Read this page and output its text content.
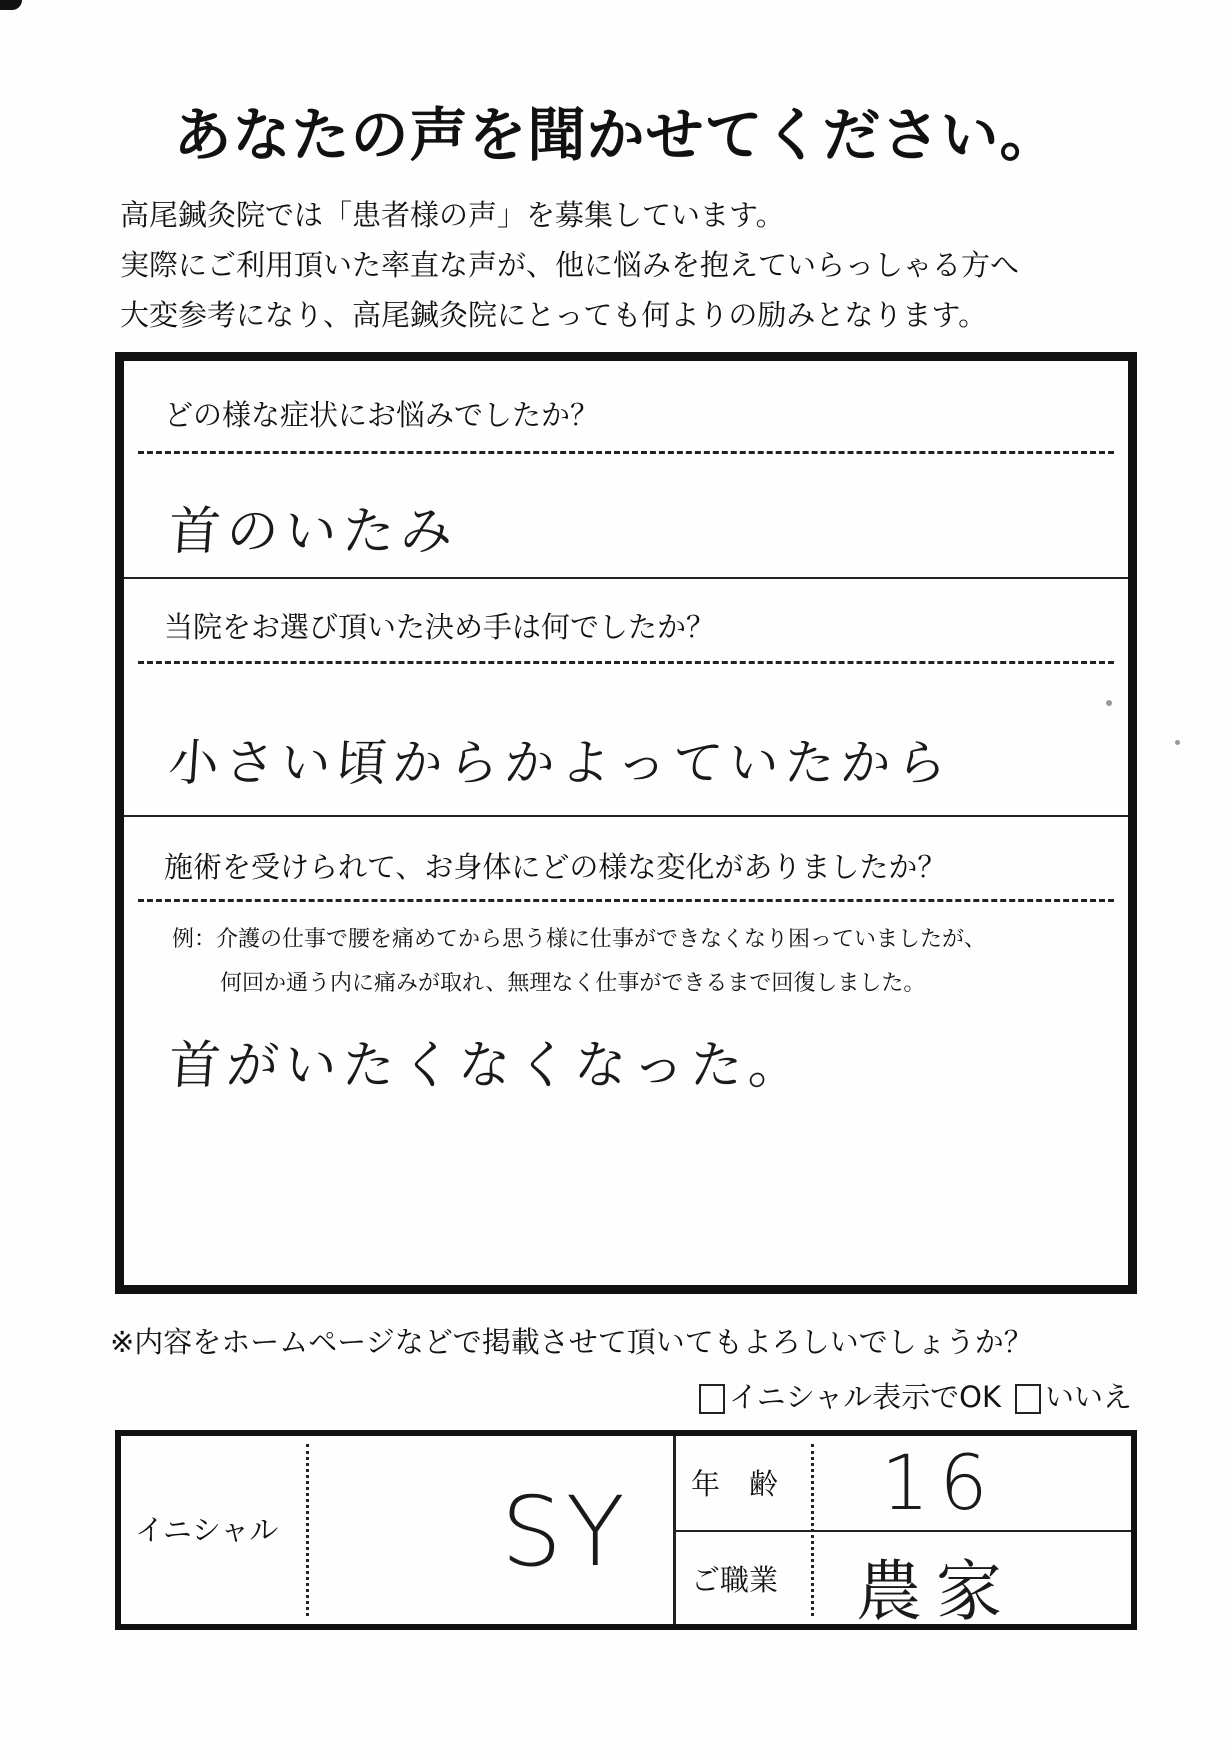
あなたの声を聞かせてください。
高尾鍼灸院では「患者様の声」を募集しています。
実際にご利用頂いた率直な声が、他に悩みを抱えていらっしゃる方へ
大変参考になり、高尾鍼灸院にとっても何よりの励みとなります。
どの様な症状にお悩みでしたか？
首のいたみ
当院をお選び頂いた決め手は何でしたか？
小さい頃からかよっていたから
施術を受けられて、お身体にどの様な変化がありましたか？
例：介護の仕事で腰を痛めてから思う様に仕事ができなくなり困っていましたが、
何回か通う内に痛みが取れ、無理なく仕事ができるまで回復しました。
首がいたくなくなった。
※内容をホームページなどで掲載させて頂いてもよろしいでしょうか？
イニシャル表示でOK	いいえ
イニシャル SY 年　齢 16
ご職業 農家
